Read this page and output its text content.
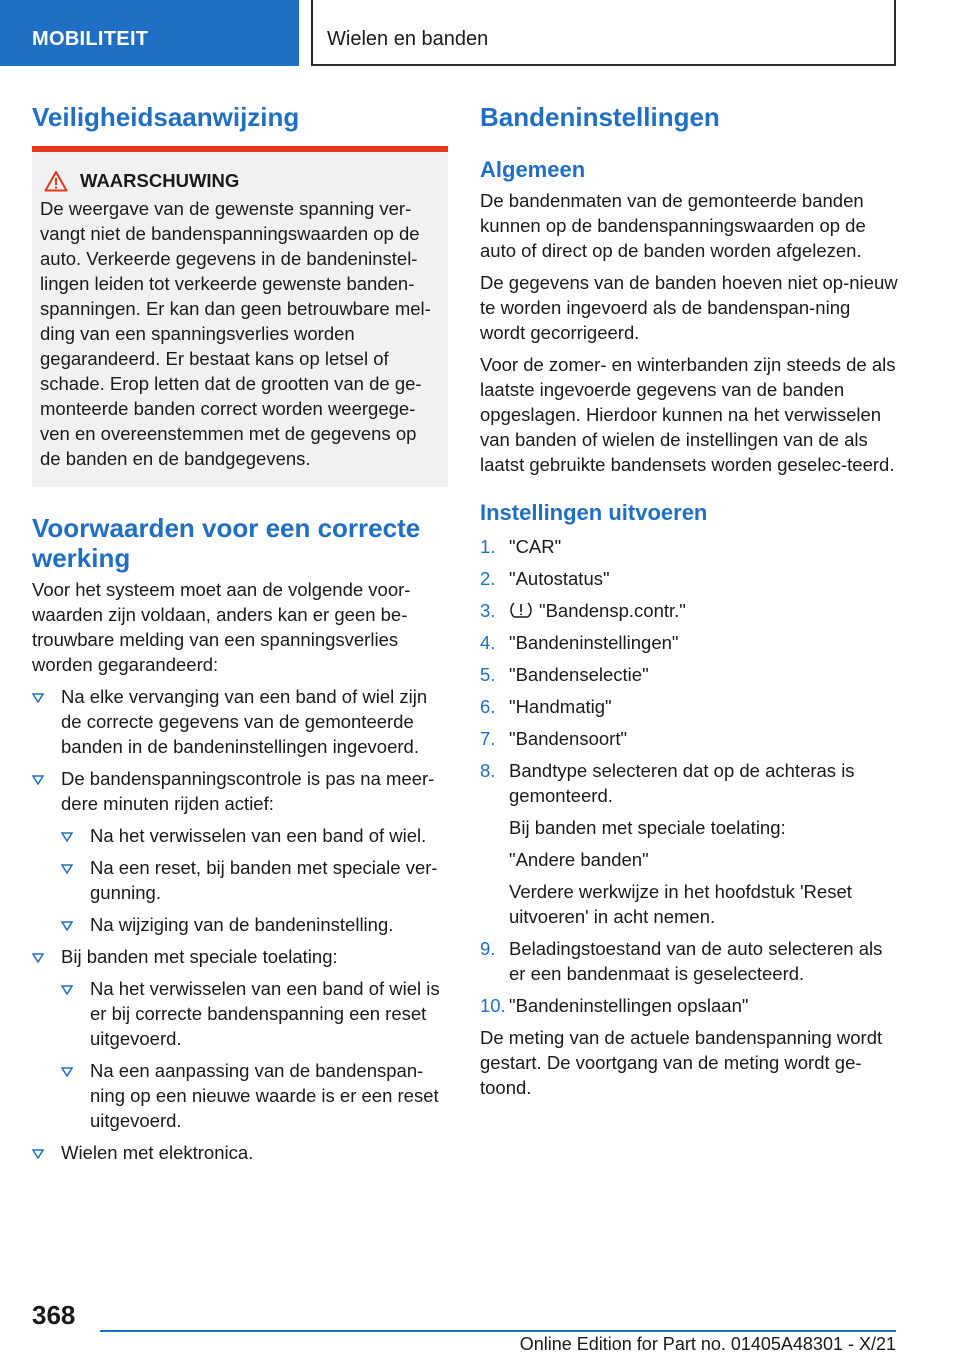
MOBILITEIT	Wielen en banden
Veiligheidsaanwijzing
WAARSCHUWING

De weergave van de gewenste spanning ver-vangt niet de bandenspanningswaarden op de auto. Verkeerde gegevens in de bandeninstel-lingen leiden tot verkeerde gewenste banden-spanningen. Er kan dan geen betrouwbare mel-ding van een spanningsverlies worden gegarandeerd. Er bestaat kans op letsel of schade. Erop letten dat de grootten van de ge-monteerde banden correct worden weergege-ven en overeenstemmen met de gegevens op de banden en de bandgegevens.

Voorwaarden voor een correcte werking

Voor het systeem moet aan de volgende voor-waarden zijn voldaan, anders kan er geen be-trouwbare melding van een spanningsverlies worden gegarandeerd:

Na elke vervanging van een band of wiel zijn de correcte gegevens van de gemonteerde banden in de bandeninstellingen ingevoerd.
De bandenspanningscontrole is pas na meer-dere minuten rijden actief:
Na het verwisselen van een band of wiel.
Na een reset, bij banden met speciale ver-gunning.
Na wijziging van de bandeninstelling.
Bij banden met speciale toelating:
Na het verwisselen van een band of wiel is er bij correcte bandenspanning een reset uitgevoerd.
Na een aanpassing van de bandenspan-ning op een nieuwe waarde is er een reset uitgevoerd.
Wielen met elektronica.
Bandeninstellingen
Algemeen

De bandenmaten van de gemonteerde banden kunnen op de bandenspanningswaarden op de auto of direct op de banden worden afgelezen.

De gegevens van de banden hoeven niet op-nieuw te worden ingevoerd als de bandenspan-ning wordt gecorrigeerd.

Voor de zomer- en winterbanden zijn steeds de als laatste ingevoerde gegevens van de banden opgeslagen. Hierdoor kunnen na het verwisselen van banden of wielen de instellingen van de als laatst gebruikte bandensets worden geselec-teerd.

Instellingen uitvoeren
1. "CAR"
2. "Autostatus"
3. "Bandensp.contr."
4. "Bandeninstellingen"
5. "Bandenselectie"
6. "Handmatig"
7. "Bandensoort"
8. Bandtype selecteren dat op de achteras is gemonteerd.
Bij banden met speciale toelating:
"Andere banden"
Verdere werkwijze in het hoofdstuk 'Reset uitvoeren' in acht nemen.
9. Beladingstoestand van de auto selecteren als er een bandenmaat is geselecteerd.
10. "Bandeninstellingen opslaan"

De meting van de actuele bandenspanning wordt gestart. De voortgang van de meting wordt ge-toond.

368
Online Edition for Part no. 01405A48301 - X/21
